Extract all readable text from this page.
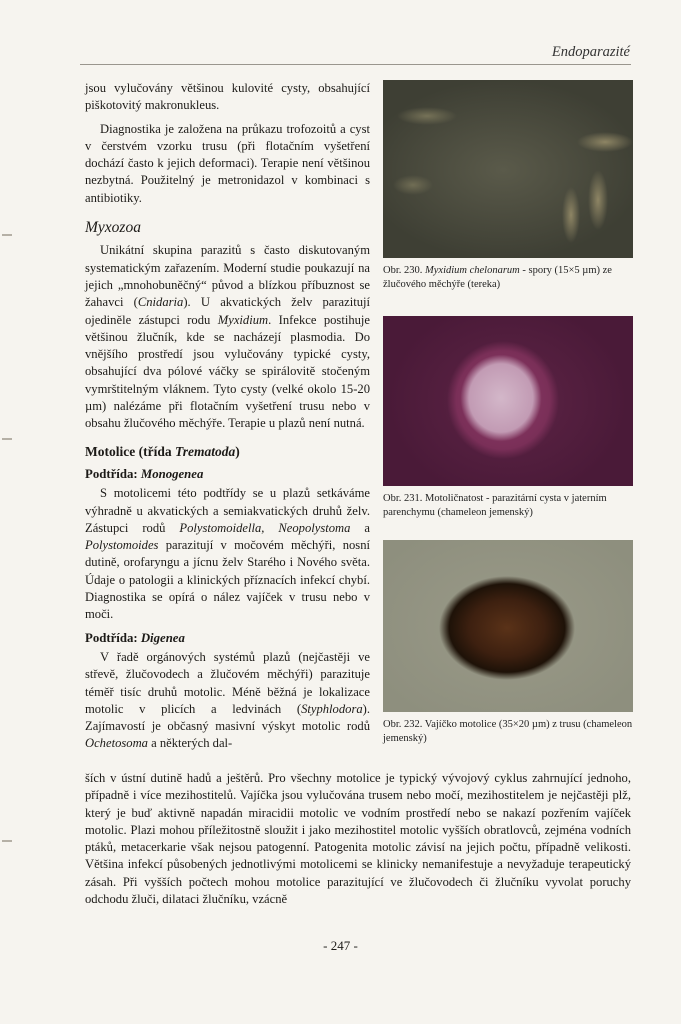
Endoparazité

jsou vylučovány většinou kulovité cysty, obsahující piškotovitý makronukleus.

Diagnostika je založena na průkazu trofozoitů a cyst v čerstvém vzorku trusu (při flotačním vyšetření dochází často k jejich deformaci). Terapie není většinou nezbytná. Použitelný je metronidazol v kombinaci s antibiotiky.

Myxozoa

Unikátní skupina parazitů s často diskutovaným systematickým zařazením. Moderní studie poukazují na jejich „mnohobuněčný“ původ a blízkou příbuznost se žahavci (Cnidaria). U akvatických želv parazitují ojediněle zástupci rodu Myxidium. Infekce postihuje většinou žlučník, kde se nacházejí plasmodia. Do vnějšího prostředí jsou vylučovány typické cysty, obsahující dva pólové váčky se spirálovitě stočeným vymrštitelným vláknem. Tyto cysty (velké okolo 15-20 µm) nalézáme při flotačním vyšetření trusu nebo v obsahu žlučového měchýře. Terapie u plazů není nutná.

Motolice (třída Trematoda)
Podtřída: Monogenea

S motolicemi této podtřídy se u plazů setkáváme výhradně u akvatických a semiakvatických druhů želv. Zástupci rodů Polystomoidella, Neopolystoma a Polystomoides parazitují v močovém měchýři, nosní dutině, orofaryngu a jícnu želv Starého i Nového světa. Údaje o patologii a klinických příznacích infekcí chybí. Diagnostika se opírá o nález vajíček v trusu nebo v moči.

Podtřída: Digenea

V řadě orgánových systémů plazů (nejčastěji ve střevě, žlučovodech a žlučovém měchýři) parazituje téměř tisíc druhů motolic. Méně běžná je lokalizace motolic v plicích a ledvinách (Styphlodora). Zajímavostí je občasný masivní výskyt motolic rodů Ochetosoma a některých dal-

Obr. 230. Myxidium chelonarum - spory (15×5 µm) ze žlučového měchýře (tereka)
Obr. 231. Motoličnatost - parazitární cysta v jaterním parenchymu (chameleon jemenský)
Obr. 232. Vajíčko motolice (35×20 µm) z trusu (chameleon jemenský)

ších v ústní dutině hadů a ještěrů. Pro všechny motolice je typický vývojový cyklus zahrnující jednoho, případně i více mezihostitelů. Vajíčka jsou vylučována trusem nebo močí, mezihostitelem je nejčastěji plž, který je buď aktivně napadán miracidii motolic ve vodním prostředí nebo se nakazí pozřením vajíček motolic. Plazi mohou příležitostně sloužit i jako mezihostitel motolic vyšších obratlovců, zejména vodních ptáků, metacerkarie však nejsou patogenní. Patogenita motolic závisí na jejich počtu, případně velikosti. Většina infekcí působených jednotlivými motolicemi se klinicky nemanifestuje a nevyžaduje terapeutický zásah. Při vyšších počtech mohou motolice parazitující ve žlučovodech či žlučníku vyvolat poruchy odchodu žluči, dilataci žlučníku, vzácně

- 247 -
